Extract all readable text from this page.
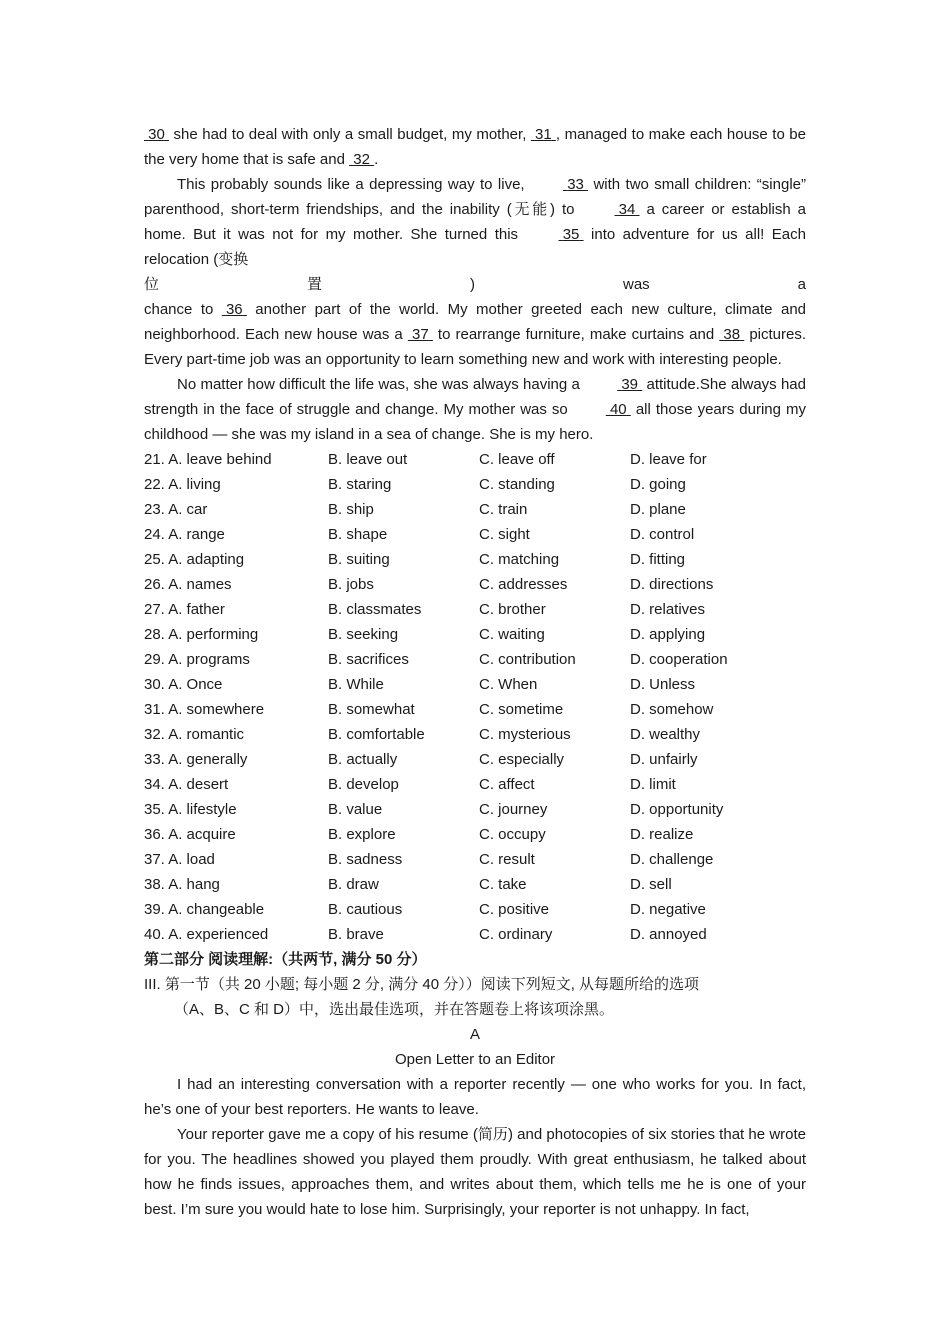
30  she had to deal with only a small budget, my mother,  31 , managed to make each house to be the very home that is safe and  32 .

This probably sounds like a depressing way to live,  33  with two small children: “single” parenthood, short-term friendships, and the inability (无能) to  34  a career or establish a home. But it was not for my mother. She turned this  35  into adventure for us all! Each relocation (变换

位	置	)	was	a

chance to  36  another part of the world. My mother greeted each new culture, climate and neighborhood. Each new house was a  37  to rearrange furniture, make curtains and  38  pictures. Every part-time job was an opportunity to learn something new and work with interesting people.

No matter how difficult the life was, she was always having a  39  attitude.She always had strength in the face of struggle and change. My mother was so  40  all those years during my childhood — she was my island in a sea of change. She is my hero.

21. A. leave behind	B. leave out	C. leave off	D. leave for
22. A. living	B. staring	C. standing	D. going
23. A. car	B. ship	C. train	D. plane
24. A. range	B. shape	C. sight	D. control
25. A. adapting	B. suiting	C. matching	D. fitting
26. A. names	B. jobs	C. addresses	D. directions
27. A. father	B. classmates	C. brother	D. relatives
28. A. performing	B. seeking	C. waiting	D. applying
29. A. programs	B. sacrifices	C. contribution	D. cooperation
30. A. Once	B. While	C. When	D. Unless
31. A. somewhere	B. somewhat	C. sometime	D. somehow
32. A. romantic	B. comfortable	C. mysterious	D. wealthy
33. A. generally	B. actually	C. especially	D. unfairly
34. A. desert	B. develop	C. affect	D. limit
35. A. lifestyle	B. value	C. journey	D. opportunity
36. A. acquire	B. explore	C. occupy	D. realize
37. A. load	B. sadness	C. result	D. challenge
38. A. hang	B. draw	C. take	D. sell
39. A. changeable	B. cautious	C. positive	D. negative
40. A. experienced	B. brave	C. ordinary	D. annoyed

第二部分 阅读理解:（共两节, 满分 50 分）

III. 第一节（共 20 小题; 每小题 2 分, 满分 40 分））阅读下列短文, 从每题所给的选项

（A、B、C 和 D）中，选出最佳选项，并在答题卷上将该项涂黑。

A

Open Letter to an Editor

I had an interesting conversation with a reporter recently — one who works for you. In fact, he’s one of your best reporters. He wants to leave.

Your reporter gave me a copy of his resume (简历) and photocopies of six stories that he wrote for you. The headlines showed you played them proudly. With great enthusiasm, he talked about how he finds issues, approaches them, and writes about them, which tells me he is one of your best. I’m sure you would hate to lose him. Surprisingly, your reporter is not unhappy. In fact,
